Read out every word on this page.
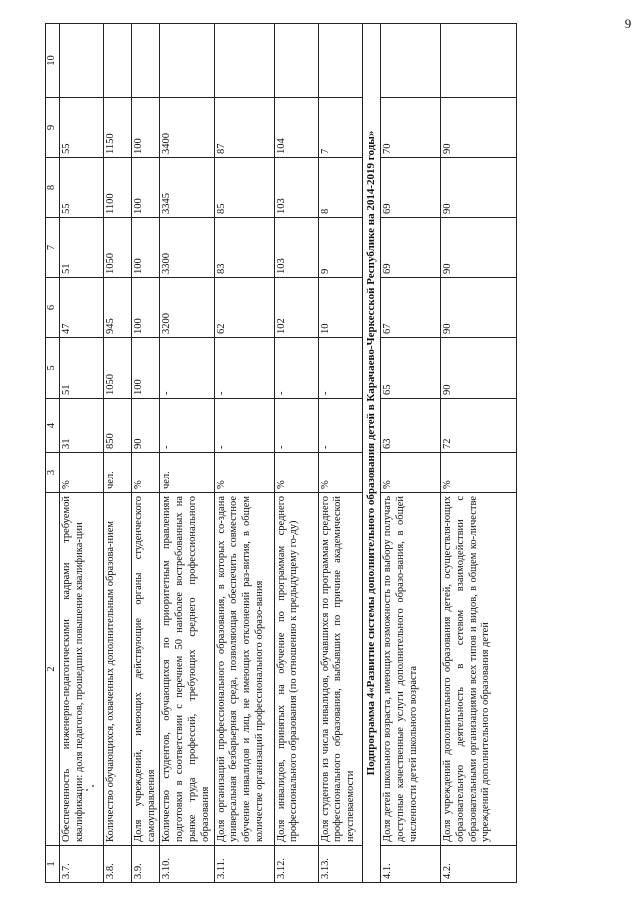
9
1	2	3	4	5	6	7	8	9	10
3.7.	Обеспеченность инженерно-педагогическими кадрами требуемой квалификации: доля педагогов, прошедших повышение квалифика-ции	%	31	51	47	51	55	55	
3.8.	Количество обучающихся, охваченных дополнительным образова-нием	чел.	850	1050	945	1050	1100	1150	
3.9.	Доля учреждений, имеющих действующие органы студенческого самоуправления	%	90	100	100	100	100	100	
3.10.	Количество студентов, обучающихся по приоритетным правлениям подготовки в соответствии с перечнем 50 наиболее востребованных на рынке труда профессий, требующих среднего профессионального образования	чел.	-	-	3200	3300	3345	3400	
3.11.	Доля организаций профессионального образования, в которых со-здана универсальная безбарьерная среда, позволяющая обеспечить совместное обучение инвалидов и лиц, не имеющих отклонений раз-вития, в общем количестве организаций профессионального образо-вания	%	-	-	62	83	85	87	
3.12.	Доля инвалидов, принятых на обучение по программам среднего профессионального образования (по отношению к предыдущему го-ду)	%	-	-	102	103	103	104	
3.13.	Доля студентов из числа инвалидов, обучавшихся по программам среднего профессионального образования, выбывших по причине академической неуспеваемости	%	-	-	10	9	8	7	
Подпрограмма 4«Развитие системы дополнительного образования детей в Карачаево-Черкесской Республике на 2014-2019 годы»									
4.1.	Доля детей школьного возраста, имеющих возможность по выбору получать доступные качественные услуги дополнительного образо-вания, в общей численности детей школьного возраста	%	63	65	67	69	69	70	
4.2.	Доля учреждений дополнительного образования детей, осуществля-ющих образовательную деятельность в сетевом взаимодействии с образовательными организациями всех типов и видов, в общем ко-личестве учреждений дополнительного образования детей	%	72	90	90	90	90	90	
